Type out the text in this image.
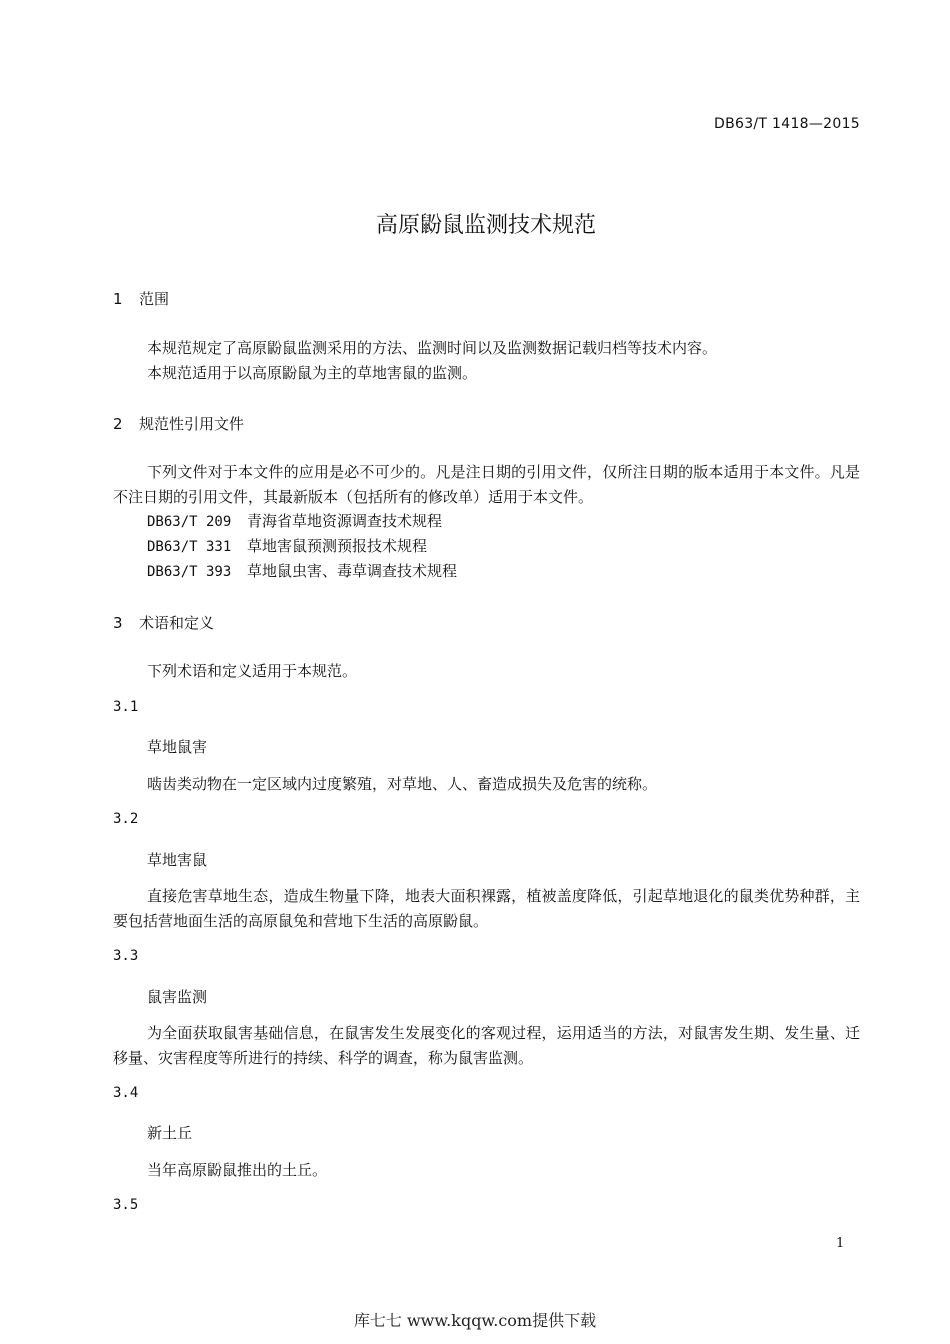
DB63/T 1418—2015
高原鼢鼠监测技术规范
1 范围
本规范规定了高原鼢鼠监测采用的方法、监测时间以及监测数据记载归档等技术内容。
本规范适用于以高原鼢鼠为主的草地害鼠的监测。
2 规范性引用文件
下列文件对于本文件的应用是必不可少的。凡是注日期的引用文件，仅所注日期的版本适用于本文件。凡是不注日期的引用文件，其最新版本（包括所有的修改单）适用于本文件。
DB63/T 209 青海省草地资源调查技术规程
DB63/T 331 草地害鼠预测预报技术规程
DB63/T 393 草地鼠虫害、毒草调查技术规程
3 术语和定义
下列术语和定义适用于本规范。
3.1
草地鼠害
啮齿类动物在一定区域内过度繁殖，对草地、人、畜造成损失及危害的统称。
3.2
草地害鼠
直接危害草地生态，造成生物量下降，地表大面积裸露，植被盖度降低，引起草地退化的鼠类优势种群，主要包括营地面生活的高原鼠兔和营地下生活的高原鼢鼠。
3.3
鼠害监测
为全面获取鼠害基础信息，在鼠害发生发展变化的客观过程，运用适当的方法，对鼠害发生期、发生量、迁移量、灾害程度等所进行的持续、科学的调查，称为鼠害监测。
3.4
新土丘
当年高原鼢鼠推出的土丘。
3.5
1
库七七 www.kqqw.com提供下载
